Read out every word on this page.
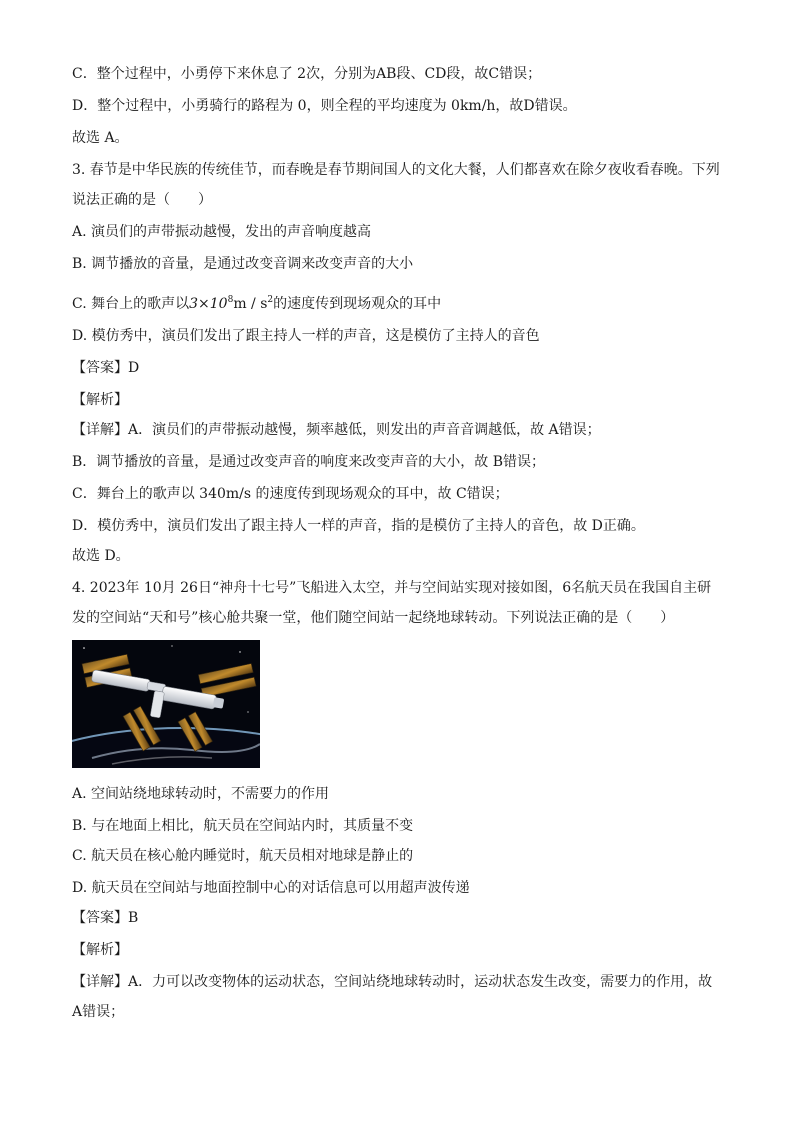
C．整个过程中，小勇停下来休息了 2次，分别为AB段、CD段，故C错误；
D．整个过程中，小勇骑行的路程为 0，则全程的平均速度为 0km/h，故D错误。
故选 A。
3. 春节是中华民族的传统佳节，而春晚是春节期间国人的文化大餐，人们都喜欢在除夕夜收看春晚。下列
说法正确的是（　　）
A. 演员们的声带振动越慢，发出的声音响度越高
B. 调节播放的音量，是通过改变音调来改变声音的大小
C. 舞台上的歌声以$3\times 10^8m / s^2$的速度传到现场观众的耳中
D. 模仿秀中，演员们发出了跟主持人一样的声音，这是模仿了主持人的音色
【答案】D
【解析】
【详解】A．演员们的声带振动越慢，频率越低，则发出的声音音调越低，故 A错误；
B．调节播放的音量，是通过改变声音的响度来改变声音的大小，故 B错误；
C．舞台上的歌声以 340m/s 的速度传到现场观众的耳中，故 C错误；
D．模仿秀中，演员们发出了跟主持人一样的声音，指的是模仿了主持人的音色，故 D正确。
故选 D。
4. 2023年 10月 26日“神舟十七号”飞船进入太空，并与空间站实现对接如图，6名航天员在我国自主研
发的空间站“天和号”核心舱共聚一堂，他们随空间站一起绕地球转动。下列说法正确的是（　　）
A. 空间站绕地球转动时，不需要力的作用
B. 与在地面上相比，航天员在空间站内时，其质量不变
C. 航天员在核心舱内睡觉时，航天员相对地球是静止的
D. 航天员在空间站与地面控制中心的对话信息可以用超声波传递
【答案】B
【解析】
【详解】A．力可以改变物体的运动状态，空间站绕地球转动时，运动状态发生改变，需要力的作用，故
A错误；
